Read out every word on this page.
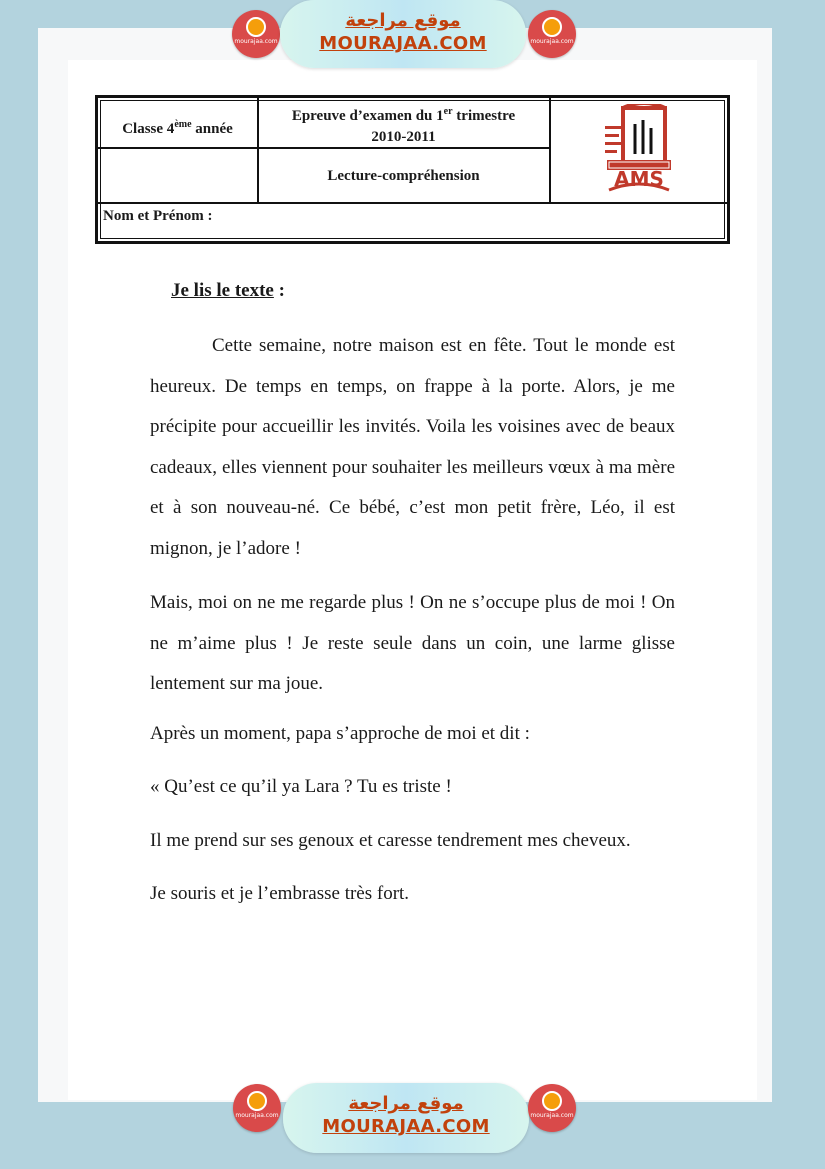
mourajaa.com
موقع مراجعة
MOURAJAA.COM	mourajaa.com
Classe 4ème année
Epreuve d’examen du 1er trimestre
2010-2011
Lecture-compréhension
Nom et Prénom :
AMS
Je lis le texte :
Cette semaine, notre maison est en fête. Tout le monde est heureux. De temps en temps, on frappe à la porte. Alors, je me précipite pour accueillir les invités. Voila les voisines avec de beaux cadeaux, elles viennent pour souhaiter les meilleurs vœux à ma mère et à son nouveau-né. Ce bébé, c’est mon petit frère, Léo, il est mignon, je l’adore !
Mais, moi on ne me regarde plus ! On ne s’occupe plus de moi ! On ne m’aime plus ! Je reste seule dans un coin, une larme glisse lentement sur ma joue.
Après un moment, papa s’approche de moi et dit :
« Qu’est ce qu’il ya Lara ? Tu es triste !
Il me prend sur ses genoux et caresse tendrement mes cheveux.
Je souris et je l’embrasse très fort.
mourajaa.com
موقع مراجعة
MOURAJAA.COM
mourajaa.com
